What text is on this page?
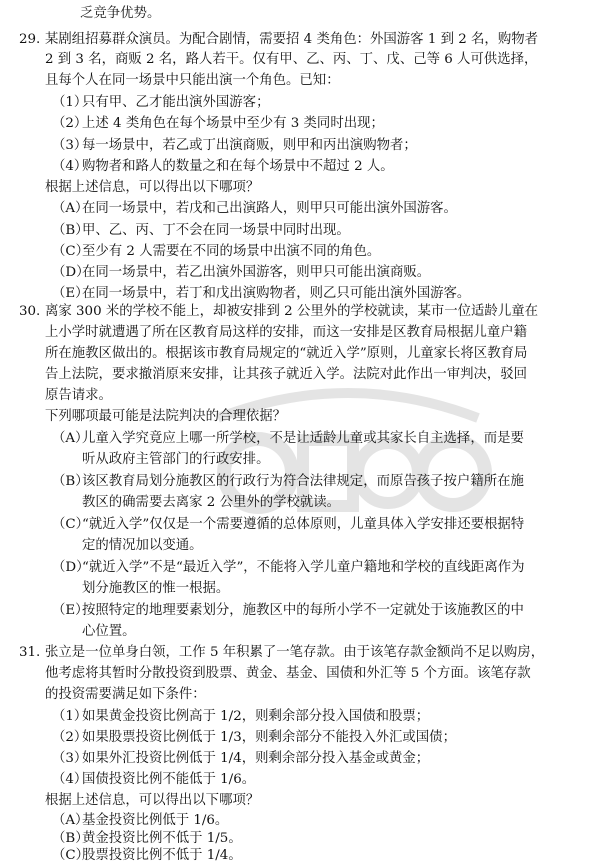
乏竞争优势。
29. 某剧组招募群众演员。为配合剧情，需要招 4 类角色：外国游客 1 到 2 名，购物者
2 到 3 名，商贩 2 名，路人若干。仅有甲、乙、丙、丁、戊、己等 6 人可供选择，
且每个人在同一场景中只能出演一个角色。已知：
（1）
只有甲、乙才能出演外国游客；
（2）
上述 4 类角色在每个场景中至少有 3 类同时出现；
（3）
每一场景中，若乙或丁出演商贩，则甲和丙出演购物者；
（4）
购物者和路人的数量之和在每个场景中不超过 2 人。
根据上述信息，可以得出以下哪项？
（A）
在同一场景中，若戊和己出演路人，则甲只可能出演外国游客。
（B）
甲、乙、丙、丁不会在同一场景中同时出现。
（C）
至少有 2 人需要在不同的场景中出演不同的角色。
（D）
在同一场景中，若乙出演外国游客，则甲只可能出演商贩。
（E）
在同一场景中，若丁和戊出演购物者，则乙只可能出演外国游客。
30. 离家 300 米的学校不能上，却被安排到 2 公里外的学校就读，某市一位适龄儿童在
上小学时就遭遇了所在区教育局这样的安排，而这一安排是区教育局根据儿童户籍
所在施教区做出的。根据该市教育局规定的“就近入学”原则，儿童家长将区教育局
告上法院，要求撤消原来安排，让其孩子就近入学。法院对此作出一审判决，驳回
原告请求。
下列哪项最可能是法院判决的合理依据？
（A）
儿童入学究竟应上哪一所学校，不是让适龄儿童或其家长自主选择，而是要
听从政府主管部门的行政安排。
（B）
该区教育局划分施教区的行政行为符合法律规定，而原告孩子按户籍所在施
教区的确需要去离家 2 公里外的学校就读。
（C）
“就近入学”仅仅是一个需要遵循的总体原则，儿童具体入学安排还要根据特
定的情况加以变通。
（D）
“就近入学”不是“最近入学”，不能将入学儿童户籍地和学校的直线距离作为
划分施教区的惟一根据。
（E）
按照特定的地理要素划分，施教区中的每所小学不一定就处于该施教区的中
心位置。
31. 张立是一位单身白领，工作 5 年积累了一笔存款。由于该笔存款金额尚不足以购房，
他考虑将其暂时分散投资到股票、黄金、基金、国债和外汇等 5 个方面。该笔存款
的投资需要满足如下条件：
（1）
如果黄金投资比例高于 1/2，则剩余部分投入国债和股票；
（2）
如果股票投资比例低于 1/3，则剩余部分不能投入外汇或国债；
（3）
如果外汇投资比例低于 1/4，则剩余部分投入基金或黄金；
（4）
国债投资比例不能低于 1/6。
根据上述信息，可以得出以下哪项？
（A）
基金投资比例低于 1/6。
（B）
黄金投资比例不低于 1/5。
（C）
股票投资比例不低于 1/4。
